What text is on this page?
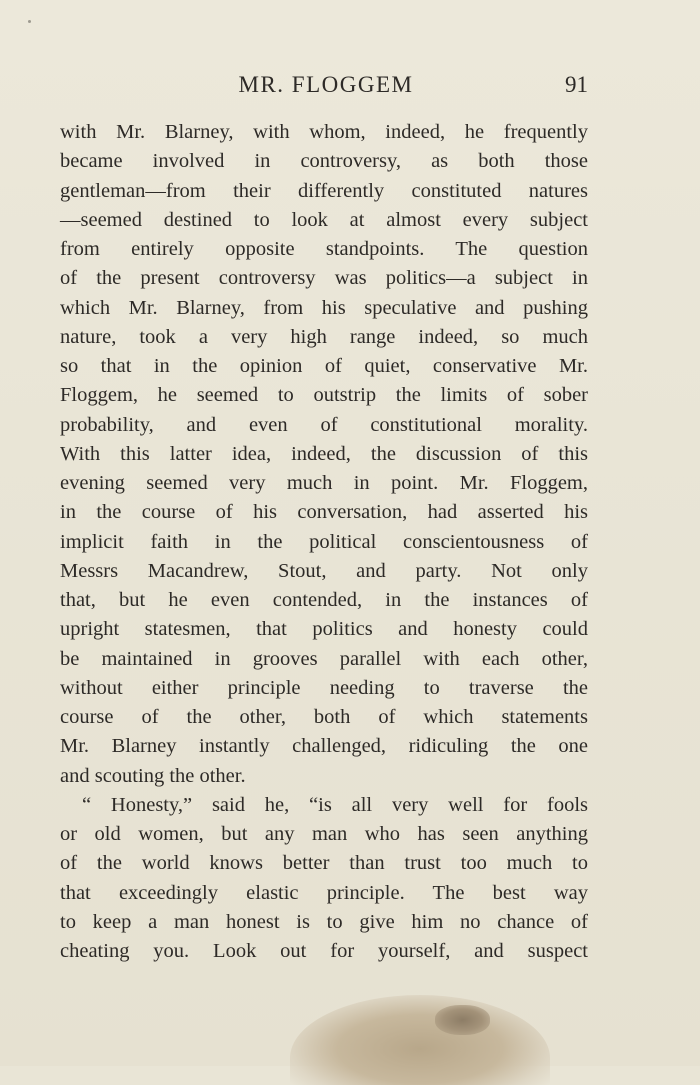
MR. FLOGGEM	91
with Mr. Blarney, with whom, indeed, he frequently
became involved in controversy, as both those
gentleman—from their differently constituted natures
—seemed destined to look at almost every subject
from entirely opposite standpoints. The question
of the present controversy was politics—a subject in
which Mr. Blarney, from his speculative and pushing
nature, took a very high range indeed, so much
so that in the opinion of quiet, conservative Mr.
Floggem, he seemed to outstrip the limits of sober
probability, and even of constitutional morality.
With this latter idea, indeed, the discussion of this
evening seemed very much in point. Mr. Floggem,
in the course of his conversation, had asserted his
implicit faith in the political conscientousness of
Messrs Macandrew, Stout, and party. Not only
that, but he even contended, in the instances of
upright statesmen, that politics and honesty could
be maintained in grooves parallel with each other,
without either principle needing to traverse the
course of the other, both of which statements
Mr. Blarney instantly challenged, ridiculing the one
and scouting the other.
“ Honesty,” said he, “is all very well for fools
or old women, but any man who has seen anything
of the world knows better than trust too much to
that exceedingly elastic principle. The best way
to keep a man honest is to give him no chance of
cheating you. Look out for yourself, and suspect
